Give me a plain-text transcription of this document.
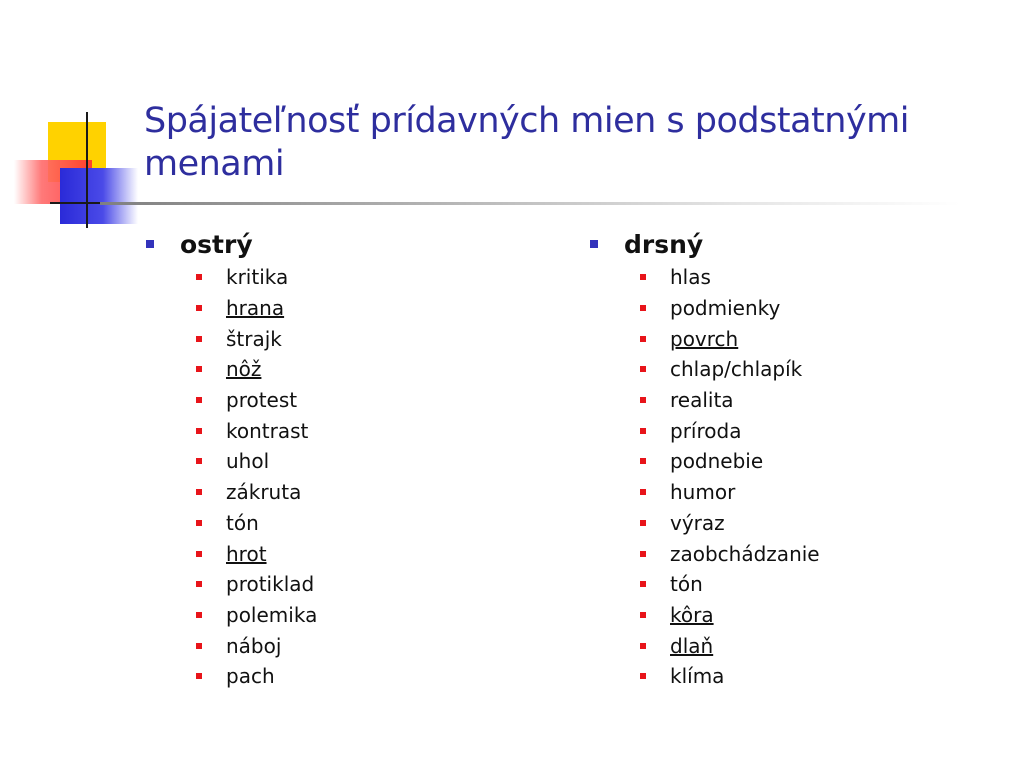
Spájateľnosť prídavných mien s podstatnými menami
ostrý
kritika
hrana
štrajk
nôž
protest
kontrast
uhol
zákruta
tón
hrot
protiklad
polemika
náboj
pach
drsný
hlas
podmienky
povrch
chlap/chlapík
realita
príroda
podnebie
humor
výraz
zaobchádzanie
tón
kôra
dlaň
klíma
